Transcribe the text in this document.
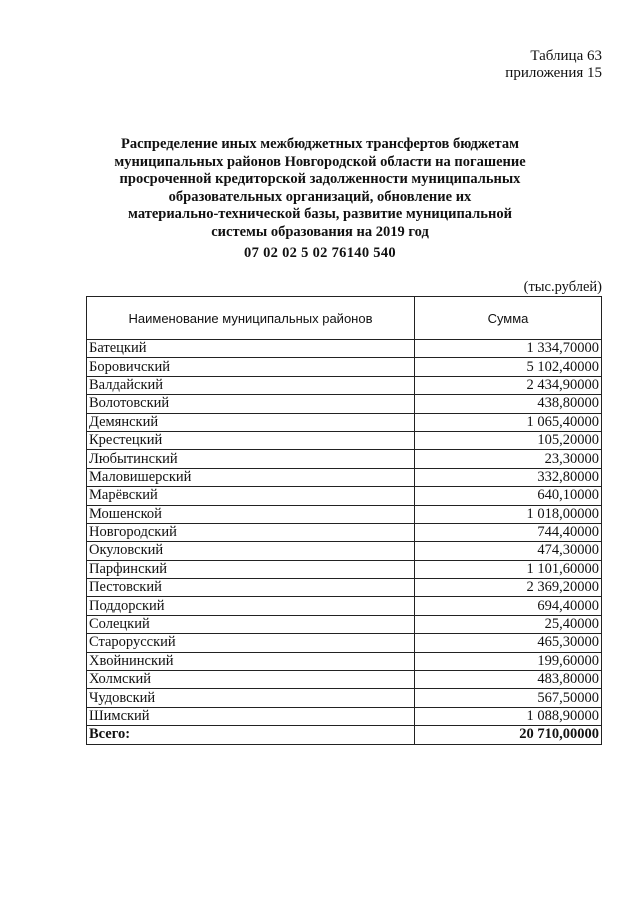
Таблица 63
приложения 15
Распределение иных межбюджетных трансфертов бюджетам
муниципальных районов Новгородской области на погашение
просроченной кредиторской задолженности муниципальных
образовательных организаций, обновление их
материально-технической базы, развитие муниципальной
системы образования на 2019 год
07 02 02 5 02 76140 540
(тыс.рублей)
Наименование муниципальных районов	Сумма
Батецкий	1 334,70000
Боровичский	5 102,40000
Валдайский	2 434,90000
Волотовский	438,80000
Демянский	1 065,40000
Крестецкий	105,20000
Любытинский	23,30000
Маловишерский	332,80000
Марёвский	640,10000
Мошенской	1 018,00000
Новгородский	744,40000
Окуловский	474,30000
Парфинский	1 101,60000
Пестовский	2 369,20000
Поддорский	694,40000
Солецкий	25,40000
Старорусский	465,30000
Хвойнинский	199,60000
Холмский	483,80000
Чудовский	567,50000
Шимский	1 088,90000
Всего:	20 710,00000
